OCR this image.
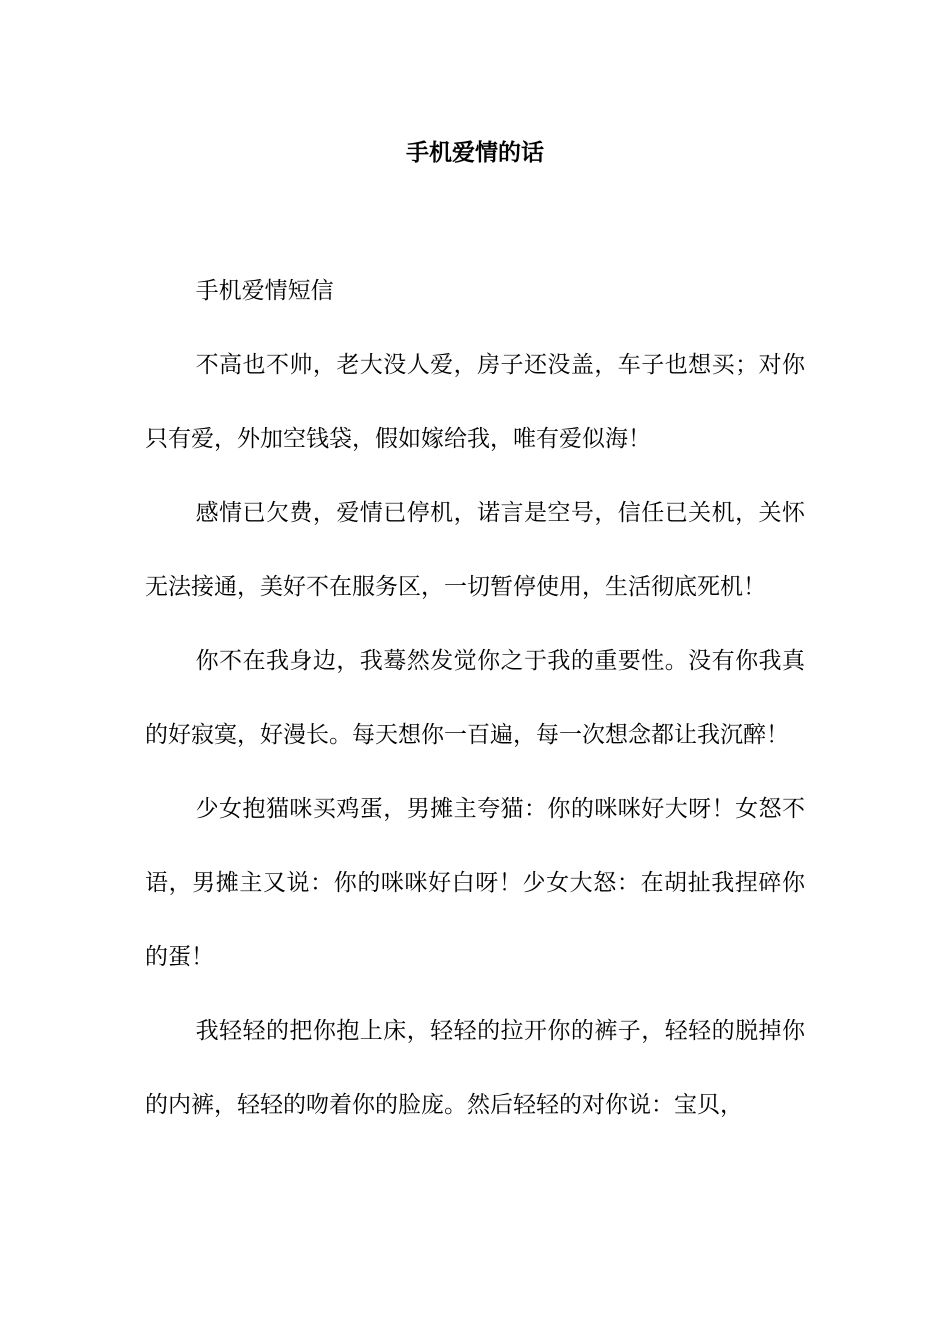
手机爱情的话

手机爱情短信

不高也不帅，老大没人爱，房子还没盖，车子也想买；对你只有爱，外加空钱袋，假如嫁给我，唯有爱似海！

感情已欠费，爱情已停机，诺言是空号，信任已关机，关怀无法接通，美好不在服务区，一切暂停使用，生活彻底死机！

你不在我身边，我蓦然发觉你之于我的重要性。没有你我真的好寂寞，好漫长。每天想你一百遍，每一次想念都让我沉醉！

少女抱猫咪买鸡蛋，男摊主夸猫：你的咪咪好大呀！女怒不语，男摊主又说：你的咪咪好白呀！少女大怒：在胡扯我捏碎你的蛋！

我轻轻的把你抱上床，轻轻的拉开你的裤子，轻轻的脱掉你的内裤，轻轻的吻着你的脸庞。然后轻轻的对你说：宝贝，
